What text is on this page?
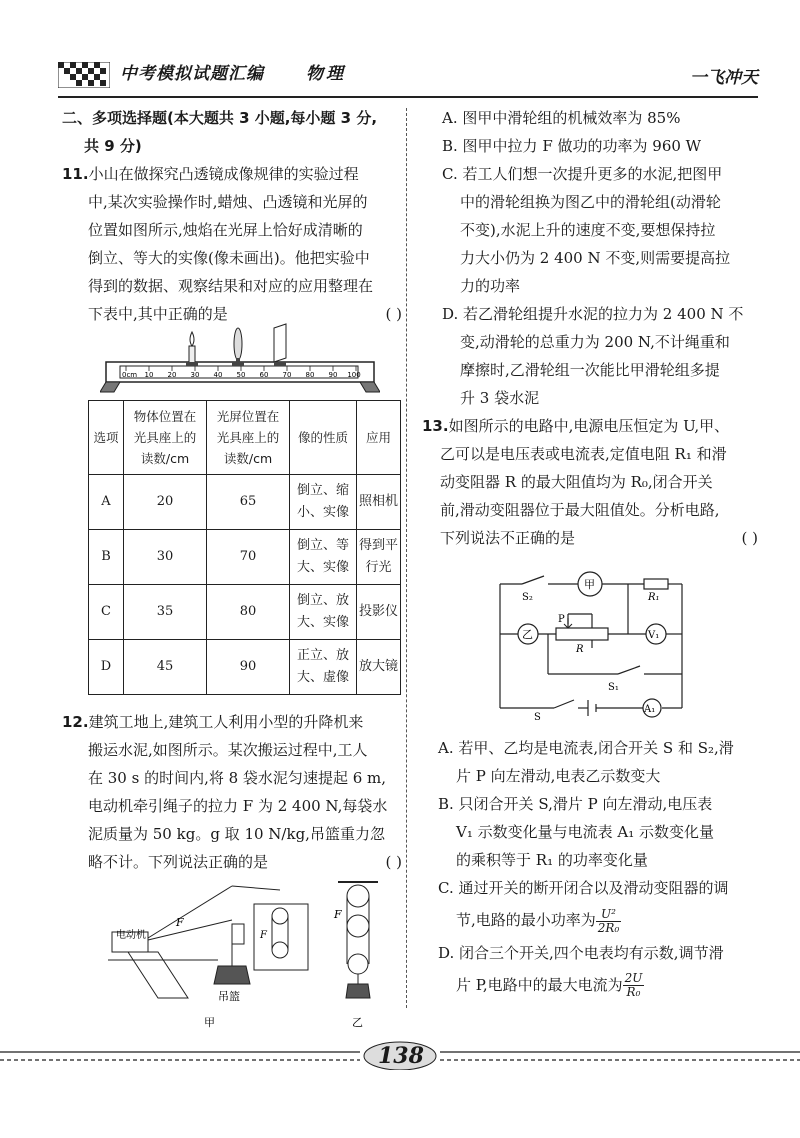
中考模拟试题汇编 物理	一飞冲天

二、多项选择题(本大题共 3 小题,每小题 3 分,

共 9 分)

11.小山在做探究凸透镜成像规律的实验过程

中,某次实验操作时,蜡烛、凸透镜和光屏的

位置如图所示,烛焰在光屏上恰好成清晰的

倒立、等大的实像(像未画出)。他把实验中

得到的数据、观察结果和对应的应用整理在

下表中,其中正确的是	( )

0cm 10 20 30 40 50 60 70 80 90 100
选项	物体位置在
光具座上的
读数/cm	光屏位置在
光具座上的
读数/cm	像的性质	应用
A	20	65	倒立、缩
小、实像	照相机
B	30	70	倒立、等
大、实像	得到平
行光
C	35	80	倒立、放
大、实像	投影仪
D	45	90	正立、放
大、虚像	放大镜

12.建筑工地上,建筑工人利用小型的升降机来

搬运水泥,如图所示。某次搬运过程中,工人

在 30 s 的时间内,将 8 袋水泥匀速提起 6 m,

电动机牵引绳子的拉力 F 为 2 400 N,每袋水

泥质量为 50 kg。g 取 10 N/kg,吊篮重力忽

略不计。下列说法正确的是	( )

电动机
F
F
吊篮
甲
F
乙

A. 图甲中滑轮组的机械效率为 85%

B. 图甲中拉力 F 做功的功率为 960 W

C. 若工人们想一次提升更多的水泥,把图甲

中的滑轮组换为图乙中的滑轮组(动滑轮

不变),水泥上升的速度不变,要想保持拉

力大小仍为 2 400 N 不变,则需要提高拉

力的功率

D. 若乙滑轮组提升水泥的拉力为 2 400 N 不

变,动滑轮的总重力为 200 N,不计绳重和

摩擦时,乙滑轮组一次能比甲滑轮组多提

升 3 袋水泥

13.如图所示的电路中,电源电压恒定为 U,甲、

乙可以是电压表或电流表,定值电阻 R₁ 和滑

动变阻器 R 的最大阻值均为 R₀,闭合开关

前,滑动变阻器位于最大阻值处。分析电路,

下列说法不正确的是	( )

甲
R₁
S₂
乙
P
R
V₁
S₁
S
A₁

A. 若甲、乙均是电流表,闭合开关 S 和 S₂,滑

片 P 向左滑动,电表乙示数变大

B. 只闭合开关 S,滑片 P 向左滑动,电压表

V₁ 示数变化量与电流表 A₁ 示数变化量

的乘积等于 R₁ 的功率变化量

C. 通过开关的断开闭合以及滑动变阻器的调

节,电路的最小功率为 $\frac{\text{U²}}{\text{2R₀}}$

D. 闭合三个开关,四个电表均有示数,调节滑

片 P,电路中的最大电流为 $\frac{2U}{\text{R₀}}$

138
